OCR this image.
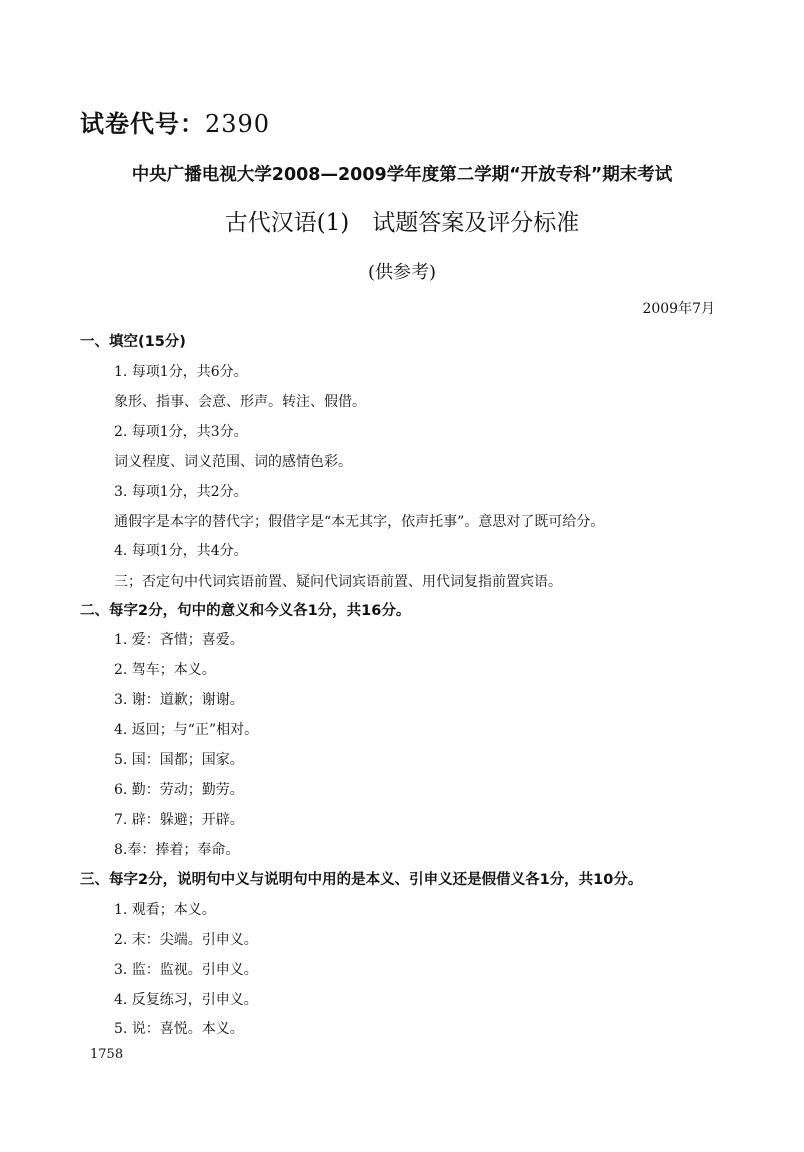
试卷代号：2390
中央广播电视大学2008—2009学年度第二学期“开放专科”期末考试
古代汉语(1)　试题答案及评分标准
(供参考)
2009年7月
一、填空(15分)
1. 每项1分，共6分。
象形、指事、会意、形声。转注、假借。
2. 每项1分，共3分。
词义程度、词义范围、词的感情色彩。
3. 每项1分，共2分。
通假字是本字的替代字；假借字是“本无其字，依声托事”。意思对了既可给分。
4. 每项1分，共4分。
三；否定句中代词宾语前置、疑问代词宾语前置、用代词复指前置宾语。
二、每字2分，句中的意义和今义各1分，共16分。
1. 爱：吝惜；喜爱。
2. 驾车；本义。
3. 谢：道歉；谢谢。
4. 返回；与“正”相对。
5. 国：国都；国家。
6. 勤：劳动；勤劳。
7. 辟：躲避；开辟。
8.奉：捧着；奉命。
三、每字2分，说明句中义与说明句中用的是本义、引申义还是假借义各1分，共10分。
1. 观看；本义。
2. 末：尖端。引申义。
3. 监：监视。引申义。
4. 反复练习，引申义。
5. 说：喜悦。本义。
1758
